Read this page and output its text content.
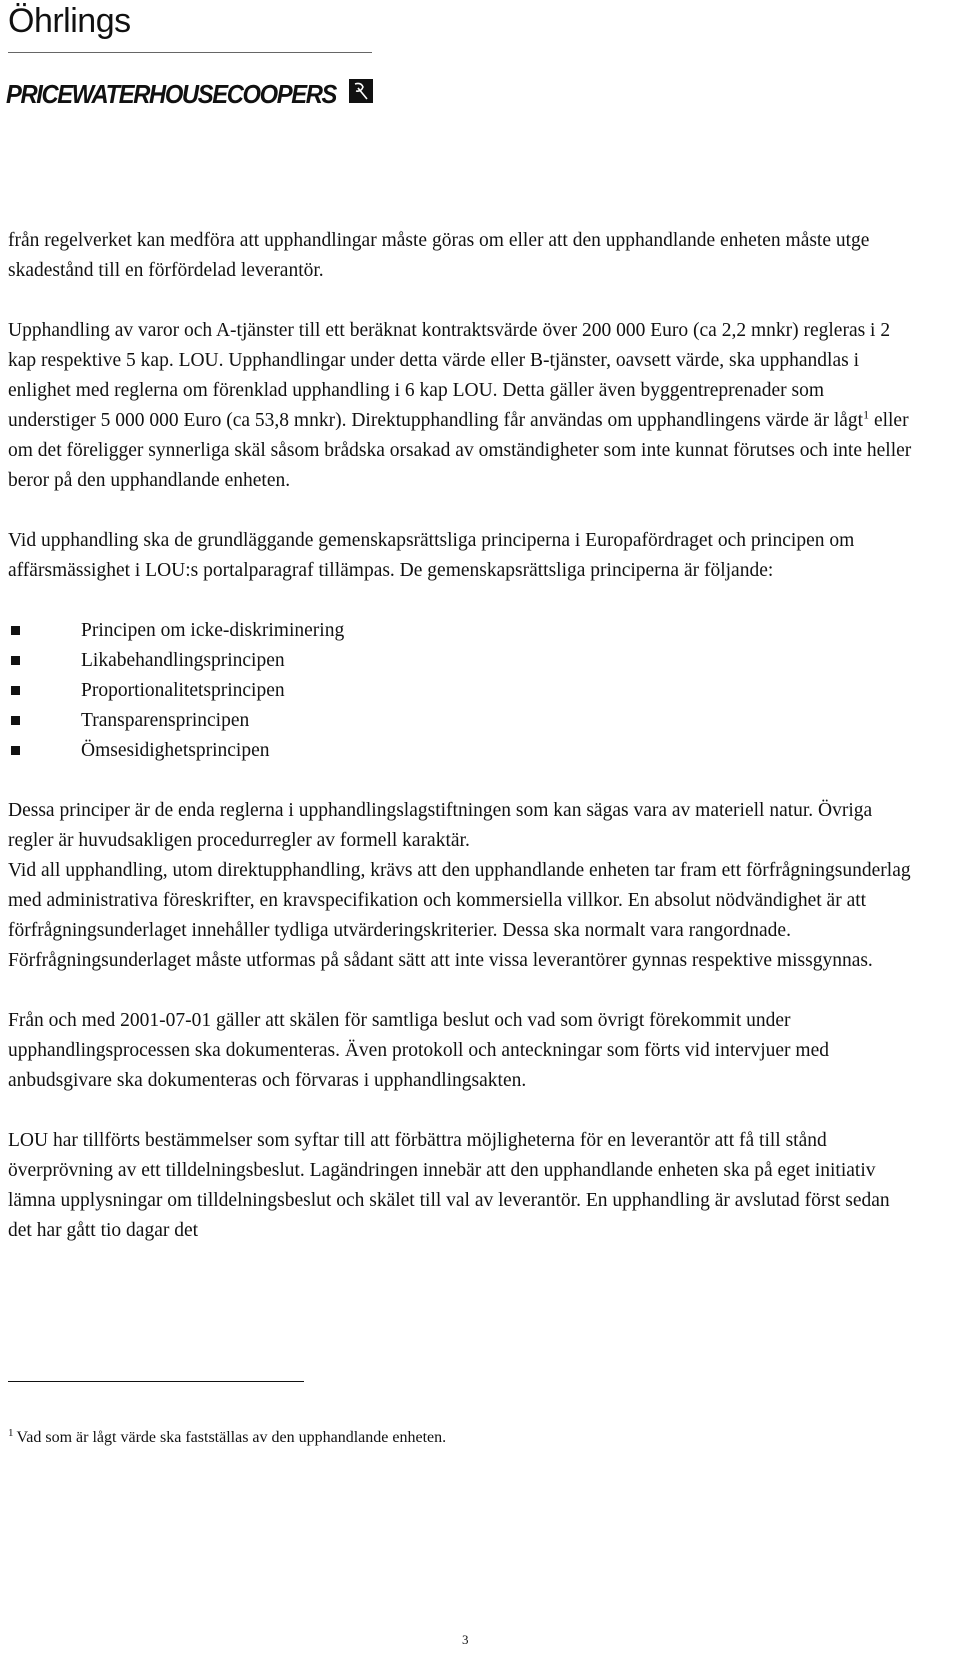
Öhrlings
PRICEWATERHOUSECOOPERS

från regelverket kan medföra att upphandlingar måste göras om eller att den upphandlande enheten måste utge skadestånd till en förfördelad leverantör.

Upphandling av varor och A-tjänster till ett beräknat kontraktsvärde över 200 000 Euro (ca 2,2 mnkr) regleras i 2 kap respektive 5 kap. LOU. Upphandlingar under detta värde eller B-tjänster, oavsett värde, ska upphandlas i enlighet med reglerna om förenklad upphandling i 6 kap LOU. Detta gäller även byggentreprenader som understiger 5 000 000 Euro (ca 53,8 mnkr). Direktupphandling får användas om upphandlingens värde är lågt$^1$ eller om det föreligger synnerliga skäl såsom brådska orsakad av omständigheter som inte kunnat förutses och inte heller beror på den upphandlande enheten.

Vid upphandling ska de grundläggande gemenskapsrättsliga principerna i Europafördraget och principen om affärsmässighet i LOU:s portalparagraf tillämpas. De gemenskapsrättsliga principerna är följande:

Principen om icke-diskriminering
Likabehandlingsprincipen
Proportionalitetsprincipen
Transparensprincipen
Ömsesidighetsprincipen

Dessa principer är de enda reglerna i upphandlingslagstiftningen som kan sägas vara av materiell natur. Övriga regler är huvudsakligen procedurregler av formell karaktär.

Vid all upphandling, utom direktupphandling, krävs att den upphandlande enheten tar fram ett förfrågningsunderlag med administrativa föreskrifter, en kravspecifikation och kommersiella villkor. En absolut nödvändighet är att förfrågningsunderlaget innehåller tydliga utvärderingskriterier. Dessa ska normalt vara rangordnade. Förfrågningsunderlaget måste utformas på sådant sätt att inte vissa leverantörer gynnas respektive missgynnas.

Från och med 2001-07-01 gäller att skälen för samtliga beslut och vad som övrigt förekommit under upphandlingsprocessen ska dokumenteras. Även protokoll och anteckningar som förts vid intervjuer med anbudsgivare ska dokumenteras och förvaras i upphandlingsakten.

LOU har tillförts bestämmelser som syftar till att förbättra möjligheterna för en leverantör att få till stånd överprövning av ett tilldelningsbeslut. Lagändringen innebär att den upphandlande enheten ska på eget initiativ lämna upplysningar om tilldelningsbeslut och skälet till val av leverantör. En upphandling är avslutad först sedan det har gått tio dagar det

$^1$ Vad som är lågt värde ska fastställas av den upphandlande enheten.
3
